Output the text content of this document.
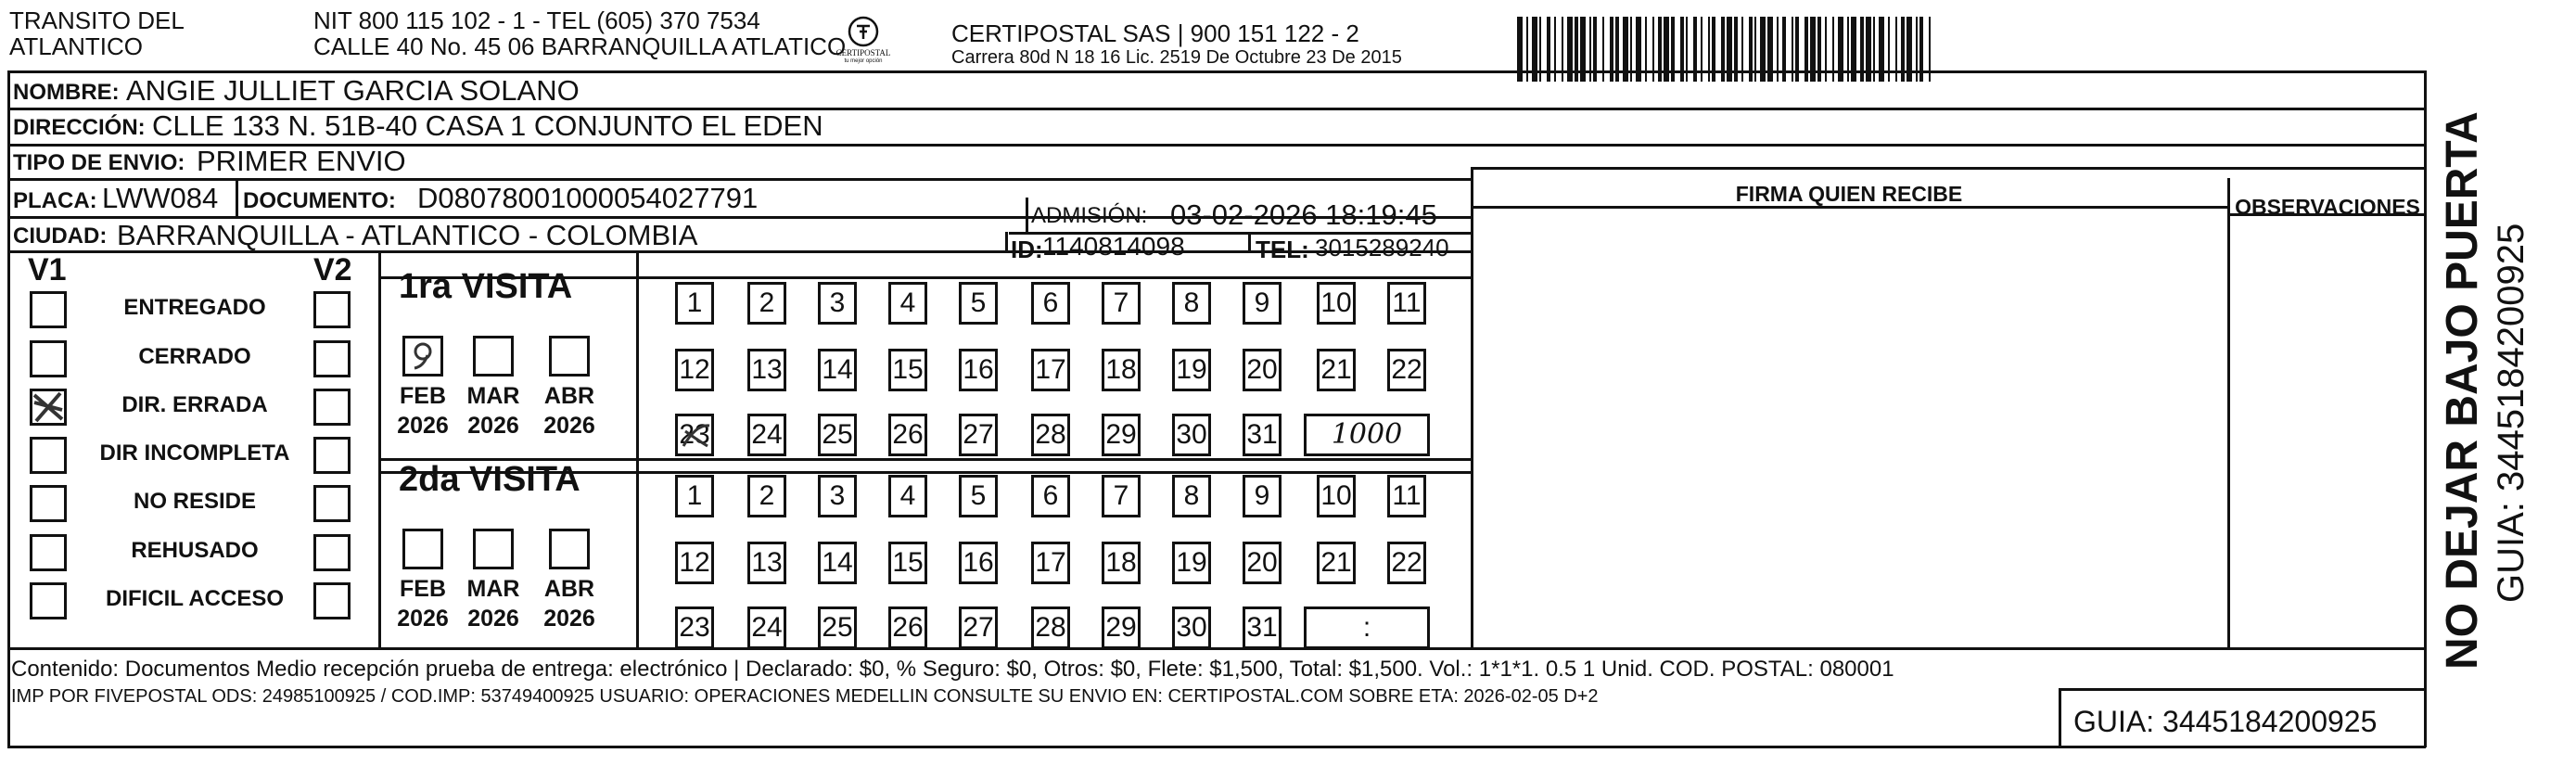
TRANSITO DEL
ATLANTICO
NIT 800 115 102 - 1 - TEL (605) 370 7534
CALLE 40 No. 45 06 BARRANQUILLA ATLATICO
CERTIPOSTAL
tu mejor opción
CERTIPOSTAL SAS | 900 151 122 - 2
Carrera 80d N 18 16 Lic. 2519 De Octubre 23 De 2015
NOMBRE: ANGIE JULLIET GARCIA SOLANO
DIRECCIÓN: CLLE 133 N. 51B-40 CASA 1 CONJUNTO EL EDEN
TIPO DE ENVIO: PRIMER ENVIO
PLACA: LWW084 DOCUMENTO: D08078001000054027791
ADMISIÓN: 03-02-2026 18:19:45
CIUDAD: BARRANQUILLA - ATLANTICO - COLOMBIA	ID: 1140814098	TEL: 3015289240
FIRMA QUIEN RECIBE
OBSERVACIONES
V1	V2
ENTREGADO
CERRADO
DIR. ERRADA
DIR INCOMPLETA
NO RESIDE
REHUSADO
DIFICIL ACCESO
1ra VISITA
FEB
2026
MAR
2026
ABR
2026
1	2	3	4	5	6	7	8	9	10 11
12 13 14 15 16 17 18 19 20 21 22
23 24 25 26 27 28 29 30 31	1000
2da VISITA
FEB
2026
MAR
2026
ABR
2026
1	2	3	4	5	6	7	8	9	10 11
12 13 14 15 16 17 18 19 20 21 22
23 24 25 26 27 28 29 30 31	:
Contenido: Documentos Medio recepción prueba de entrega: electrónico | Declarado: $0, % Seguro: $0, Otros: $0, Flete: $1,500, Total: $1,500. Vol.: 1*1*1. 0.5 1 Unid. COD. POSTAL: 080001
IMP POR FIVEPOSTAL ODS: 24985100925 / COD.IMP: 53749400925 USUARIO: OPERACIONES MEDELLIN CONSULTE SU ENVIO EN: CERTIPOSTAL.COM SOBRE ETA: 2026-02-05 D+2
GUIA: 3445184200925
NO DEJAR BAJO PUERTA GUIA: 3445184200925
